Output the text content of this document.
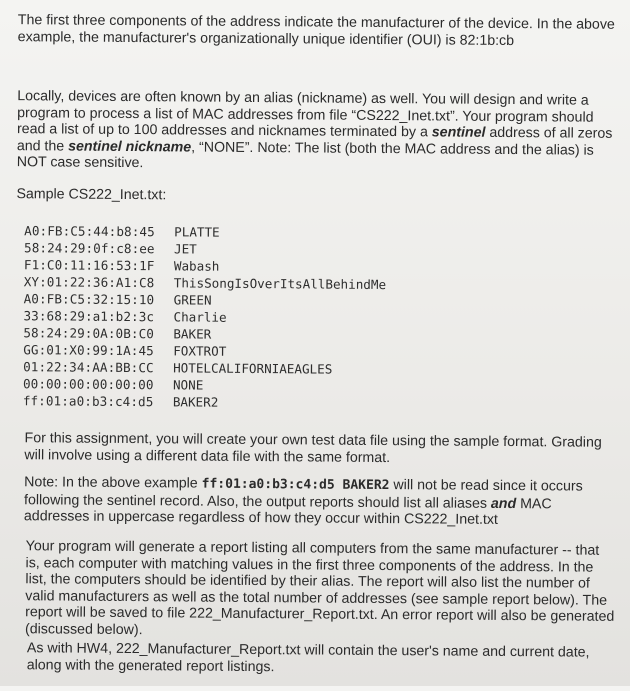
The first three components of the address indicate the manufacturer of the device. In the above example, the manufacturer's organizationally unique identifier (OUI) is 82:1b:cb

Locally, devices are often known by an alias (nickname) as well. You will design and write a program to process a list of MAC addresses from file “CS222_Inet.txt”. Your program should read a list of up to 100 addresses and nicknames terminated by a sentinel address of all zeros and the sentinel nickname, “NONE”. Note: The list (both the MAC address and the alias) is NOT case sensitive.

Sample CS222_Inet.txt:

A0:FB:C5:44:b8:45	PLATTE
58:24:29:0f:c8:ee	JET
F1:C0:11:16:53:1F	Wabash
XY:01:22:36:A1:C8	ThisSongIsOverItsAllBehindMe
A0:FB:C5:32:15:10	GREEN
33:68:29:a1:b2:3c	Charlie
58:24:29:0A:0B:C0	BAKER
GG:01:X0:99:1A:45	FOXTROT
01:22:34:AA:BB:CC	HOTELCALIFORNIAEAGLES
00:00:00:00:00:00	NONE
ff:01:a0:b3:c4:d5	BAKER2

For this assignment, you will create your own test data file using the sample format. Grading will involve using a different data file with the same format.

Note: In the above example ff:01:a0:b3:c4:d5 BAKER2 will not be read since it occurs following the sentinel record. Also, the output reports should list all aliases and MAC addresses in uppercase regardless of how they occur within CS222_Inet.txt

Your program will generate a report listing all computers from the same manufacturer -- that is, each computer with matching values in the first three components of the address. In the list, the computers should be identified by their alias. The report will also list the number of valid manufacturers as well as the total number of addresses (see sample report below). The report will be saved to file 222_Manufacturer_Report.txt. An error report will also be generated (discussed below).

As with HW4, 222_Manufacturer_Report.txt will contain the user's name and current date, along with the generated report listings.
